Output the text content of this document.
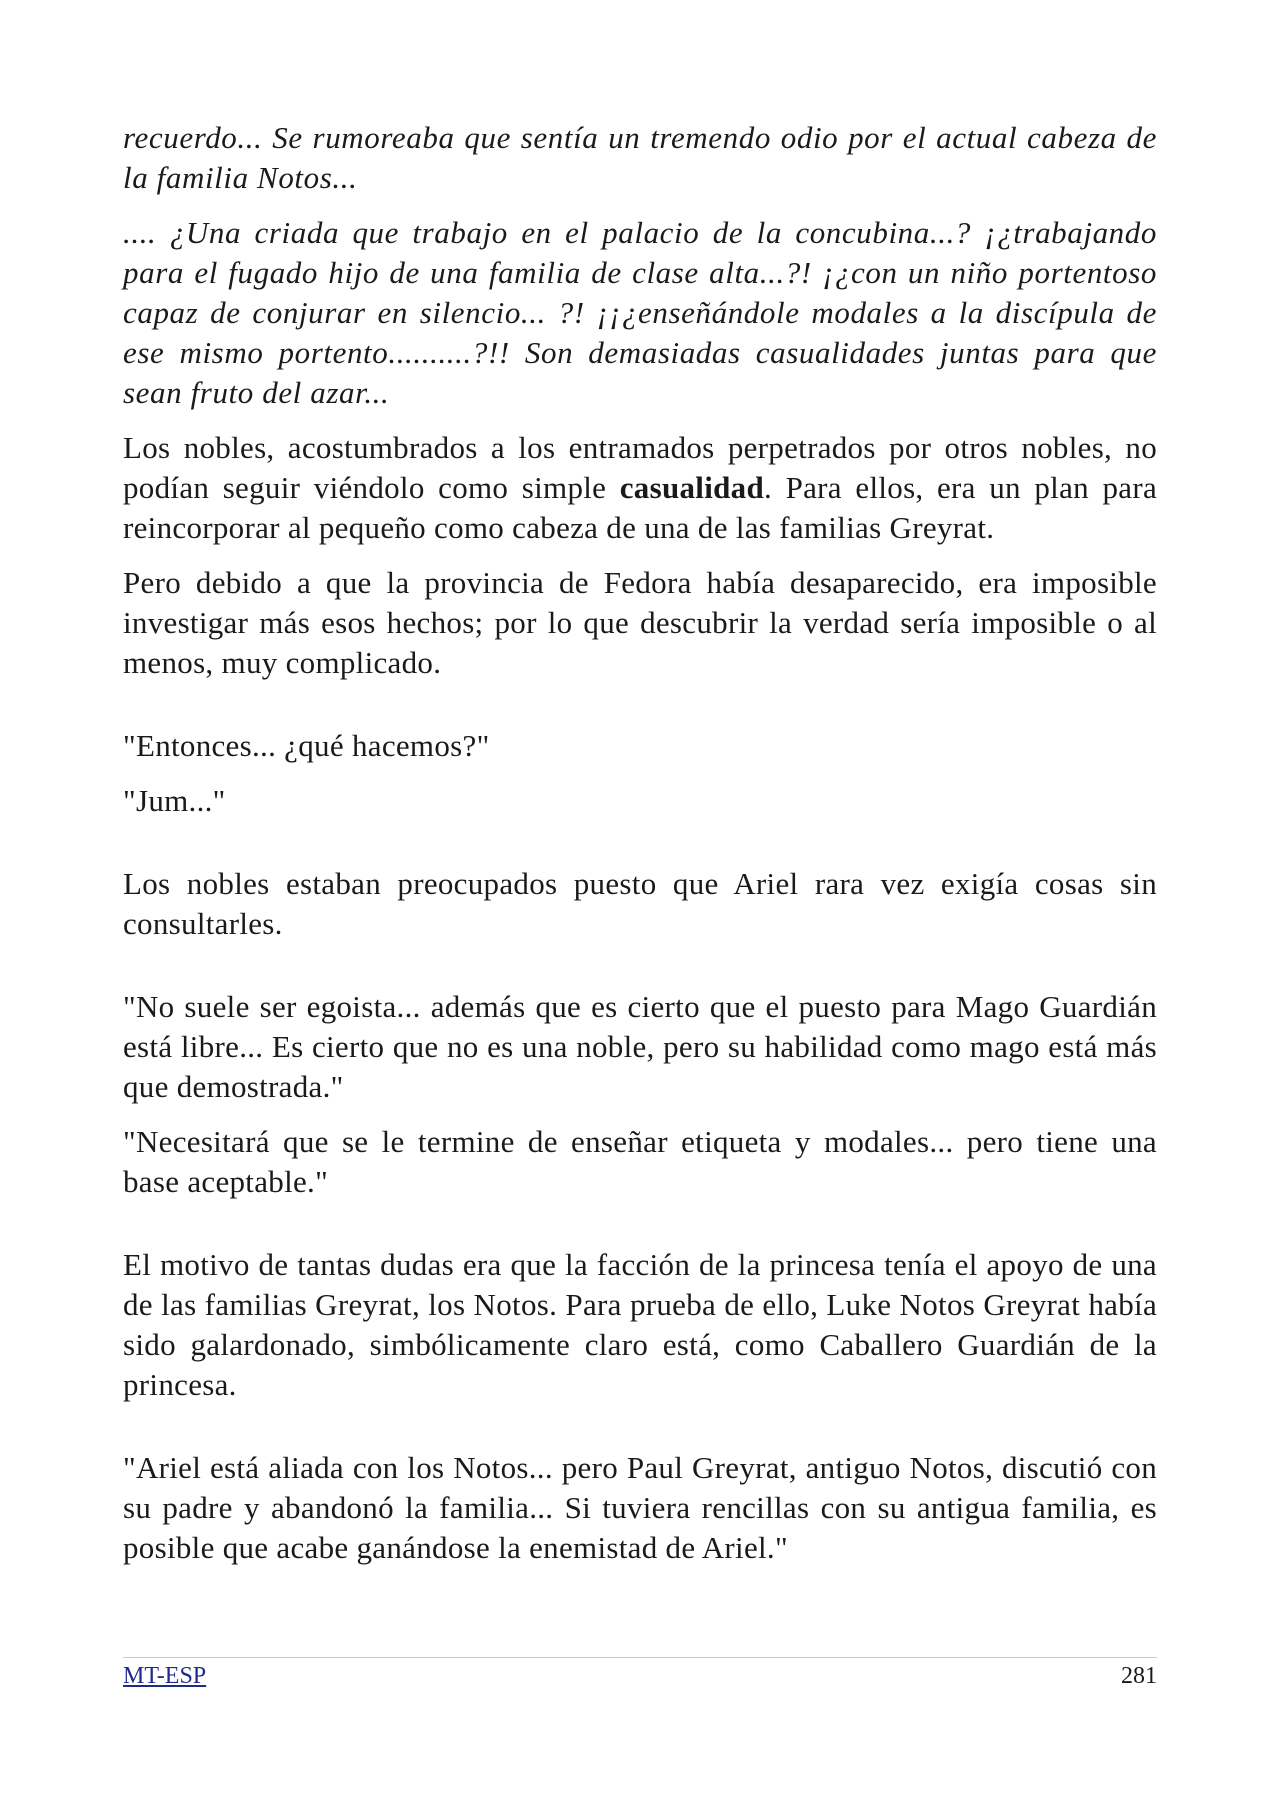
recuerdo... Se rumoreaba que sentía un tremendo odio por el actual cabeza de la familia Notos...

.... ¿Una criada que trabajo en el palacio de la concubina...? ¡¿trabajando para el fugado hijo de una familia de clase alta...?! ¡¿con un niño portentoso capaz de conjurar en silencio... ?! ¡¡¿enseñándole modales a la discípula de ese mismo portento..........?!! Son demasiadas casualidades juntas para que sean fruto del azar...

Los nobles, acostumbrados a los entramados perpetrados por otros nobles, no podían seguir viéndolo como simple casualidad. Para ellos, era un plan para reincorporar al pequeño como cabeza de una de las familias Greyrat.

Pero debido a que la provincia de Fedora había desaparecido, era imposible investigar más esos hechos; por lo que descubrir la verdad sería imposible o al menos, muy complicado.

"Entonces... ¿qué hacemos?"

"Jum..."

Los nobles estaban preocupados puesto que Ariel rara vez exigía cosas sin consultarles.

"No suele ser egoista... además que es cierto que el puesto para Mago Guardián está libre... Es cierto que no es una noble, pero su habilidad como mago está más que demostrada."

"Necesitará que se le termine de enseñar etiqueta y modales... pero tiene una base aceptable."

El motivo de tantas dudas era que la facción de la princesa tenía el apoyo de una de las familias Greyrat, los Notos. Para prueba de ello, Luke Notos Greyrat había sido galardonado, simbólicamente claro está, como Caballero Guardián de la princesa.

"Ariel está aliada con los Notos... pero Paul Greyrat, antiguo Notos, discutió con su padre y abandonó la familia... Si tuviera rencillas con su antigua familia, es posible que acabe ganándose la enemistad de Ariel."

MT-ESP	281
